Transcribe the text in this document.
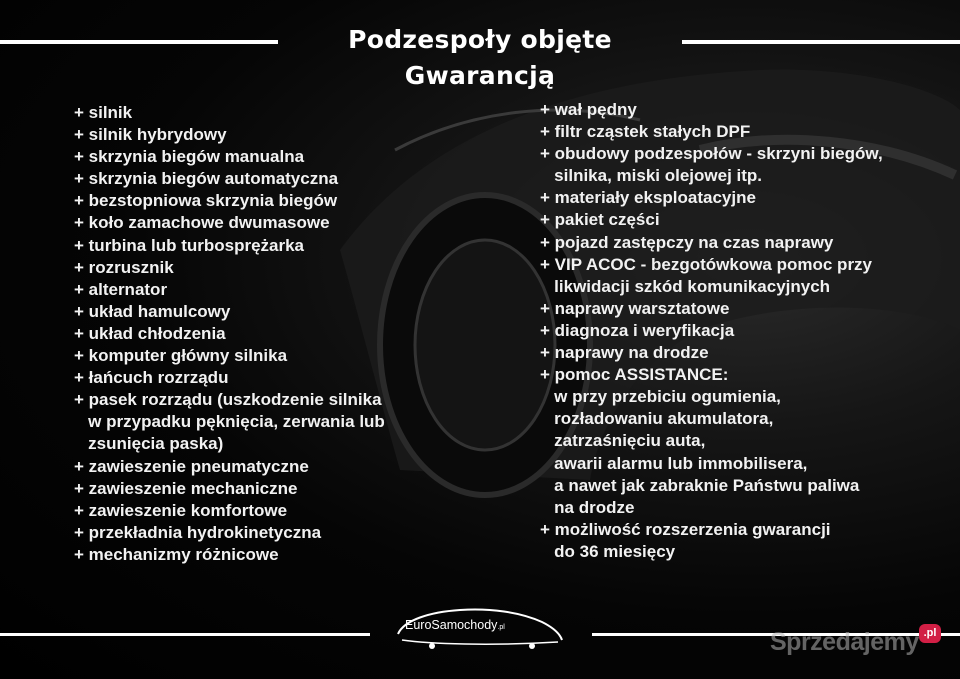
Podzespoły objęte Gwarancją
+ silnik
+ silnik hybrydowy
+ skrzynia biegów manualna
+ skrzynia biegów automatyczna
+ bezstopniowa skrzynia biegów
+ koło zamachowe dwumasowe
+ turbina lub turbosprężarka
+ rozrusznik
+ alternator
+ układ hamulcowy
+ układ chłodzenia
+ komputer główny silnika
+ łańcuch rozrządu
+ pasek rozrządu (uszkodzenie silnika
w przypadku pęknięcia, zerwania lub
zsunięcia paska)
+ zawieszenie pneumatyczne
+ zawieszenie mechaniczne
+ zawieszenie komfortowe
+ przekładnia hydrokinetyczna
+ mechanizmy różnicowe
+ wał pędny
+ filtr cząstek stałych DPF
+ obudowy podzespołów - skrzyni biegów,
silnika, miski olejowej itp.
+ materiały eksploatacyjne
+ pakiet części
+ pojazd zastępczy na czas naprawy
+ VIP ACOC - bezgotówkowa pomoc przy
likwidacji szkód komunikacyjnych
+ naprawy warsztatowe
+ diagnoza i weryfikacja
+ naprawy na drodze
+ pomoc ASSISTANCE:
w przy przebiciu ogumienia,
rozładowaniu akumulatora,
zatrzaśnięciu auta,
awarii alarmu lub immobilisera,
a nawet jak zabraknie Państwu paliwa
na drodze
+ możliwość rozszerzenia gwarancji
do 36 miesięcy
EuroSamochody.pl
Sprzedajemy .pl
